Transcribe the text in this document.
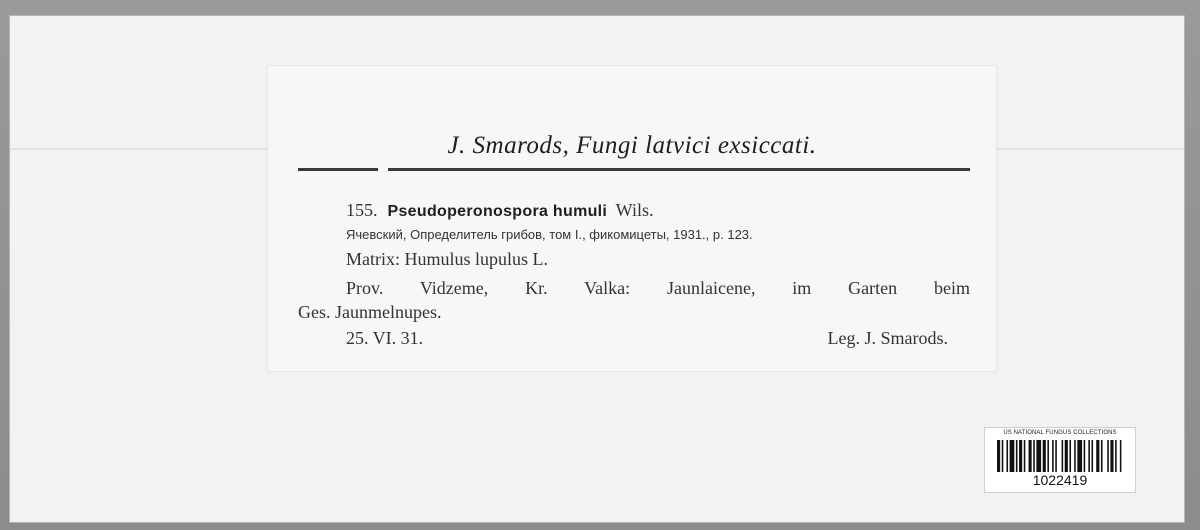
J. Smarods, Fungi latvici exsiccati.
155. Pseudoperonospora humuli Wils.
Ячевский, Определитель грибов, том I., фикомицеты, 1931., p. 123.
Matrix: Humulus lupulus L.
Prov. Vidzeme, Kr. Valka: Jaunlaicene, im Garten beim
Ges. Jaunmelnupes.
25. VI. 31.	Leg. J. Smarods.
US NATIONAL FUNGUS COLLECTIONS
1022419
